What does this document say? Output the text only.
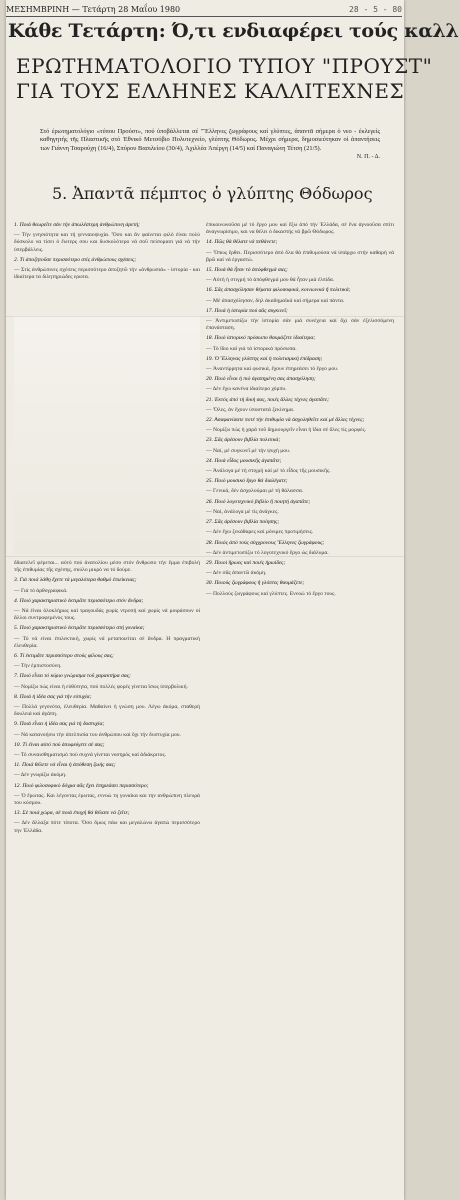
ΜΕΣΗΜΒΡΙΝΗ — Τετάρτη 28 Μαΐου 1980	28 - 5 - 80
Κάθε Τετάρτη: Ό,τι ενδιαφέρει τούς καλλ
ΕΡΩΤΗΜΑΤΟΛΟΓΙΟ ΤΥΠΟΥ "ΠΡΟΥΣΤ"
ΓΙΑ ΤΟΥΣ ΕΛΛΗΝΕΣ ΚΑΛΛΙΤΕΧΝΕΣ
Στό ἐρωτηματολόγιο «τύπου Προύστ», πού ὑποβάλλεται σέ "Ἕλληνες ζωγράφους καί γλύπτες, ἀπαντᾶ σήμερα ὁ νεο - ἐκλεγείς καθηγητής τῆς Πλαστικῆς στό Ἐθνικό Μετσόβιο Πολυτεχνείο, γλύπτης Θόδωρος. Μέχρι σήμερα, δημοσιεύτηκαν οἱ ἀπαντήσεις των Γιάννη Τσαρούχη (16/4), Σπύρου Βασιλείου (30/4), Ἀχιλλέα Ἀπέργη (14/5) καί Παναγιώτη Τέτση (21/5).
Ν. Π. - Δ.
5. Ἀπαντᾶ πέμπτος ὁ γλύπτης Θόδωρος

1. Ποιά θεωρεῖτε σάν τήν ἀπωλέστερη ἀνθρώπινη ἀρετή;

— Τήν γνησιότητα και τή γενναιοψυχία. Ὅσο και ἄν φαίνεται φιλό ἐίναι πολύ δύσκολο να τίσει ὁ ἔωτερς σου και δυσκολότερο νά σοῦ πείσομασι γιά νά τήν ὑπερβάλλεις.

2. Τί ἀποζητοῦσε περισσότερο στίς ἀνθρώπους σχέσεις;

— Στίς ἀνθρώπινες σχέσεις περισσότερο ἀποζητῶ τήν «ἀνθρωπιά» - ἰστορία - και ἰδιαίτερα τα διλητηριώδες ερωτα.

δδιατελεῖ φέρεται... αὐτό πού ἀνατολίου μέσο στόν ἄνθρωπο τήν ἔμμα ἐπιβολή τῆς ἐπιθυμίας τῆς σχέσης, σκύλο μικρό να τό δούμε.

3. Γιά ποιά λάθη ἔχετε τά μεγαλύτερα θαθμό ἐπιείκειας;

— Γιά τό ἀρθογραφικά.

4. Ποιό χαρακτηριστικό ἐκτιμᾶτε περισσότερο στόν ἄνδρα;

— Νά ἐίναι ὁλοκλήρως καί τραγουδάς χωρίς ντροπή καί χωρίς νά μοιράσουν οἱ ἄλλοι συντροφεμένος τους.

5. Ποιό χαρακτηριστικό ἐκτιμᾶτε περισσότερο στή γυναίκα;

— Τό νά είναι ἐπιλεκτική, χωρίς νά μεταποιείται σέ ἄνδρα. Η πραγματική ἐλευθερία.

6. Τί ἐκτιμᾶτε περισσότερο στούς φίλους σας;

— Τήν ἐμπιστοσύνη.

7. Ποιό εἶναι τό κύριο γνώρισμα τοῦ χαρακτήρα σας;

— Νομίζω πώς είναι ἡ εὐθύτητα, πού πολλές φορές γίνεται ἴσως ὑπερβολική.

8. Ποιά ἡ ἰδέα σας γιά τήν εὐτυχία;

— Πολλά γεγονότα, ἐλευθερία. Μαθαίνει ἡ γνώση μου. Λέγω ἀκόμα, σταθερή δουλειά καί ἀγάπη.

9. Ποιά εἶναι ἡ ἰδέα σας γιά τή δυστυχία;

— Νά κατανοήσω τήν ἀπελπισία του ἀνθρώπου καί ὅχι τήν δυστυχία μου.

10. Τί ἐίναι αὐτό πού ἀποφεύγετε σέ σας;

— Τό συναισθηματισμό πού συχνά γίνεται νοσηρός καί ἀδιάκριτος.

11. Ποιά θέλετε νά εἶναι ἡ ἀπόθεση ζωής σας;

— Δέν γνωρίζω ἀκόμη.

12. Ποιό φιλοσοφικό δόγμα σᾶς ἔχει ἐπηρεάσει περισσότερο;

— Ὁ ἔρωτας. Και λέγοντας έρωτας, εννοώ τη γυναίκα και την ανθρώπινη πλευρά του κόσμου.

13. Σέ ποιά χώρα, σέ ποιά ἐποχή θά θέλατε νά ζεῖτε;

— Δέν ἄλλαξα πότε τίποτα. Ὅσο ὅμως πάω και μεγαλώνω ἀγαπώ περισσότερο την Ἑλλάδα.

ἐπικοινωνοῦσα μέ τό ἔργο μου καί ἔξω ἀπό τήν Ἑλλάδα, σέ ἕνα ἀγνοοῦσα σπίτι ἀναγνωρίσιμο, και να θέλει ὁ δικαστής νά βρῶ Θόδωρος.

14. Πῶς θά θέλατε νά πεθάνετε;

— Ὅπως ἔρθει. Περισσότερο ἀπό ὅλα θά ἐπιθυμούσα νά ὑπάρχω στήν καθαρή νά βρῶ καί νά ἐργαστώ.

15. Ποιά θά ἦταν τό ἀπόφθεγμά σας;

— Αὐτή ἡ στιγμή τό ἀπόφθεγμά μου θά ἦταν μιά ἐλπίδα.

16. Σᾶς ἀπασχόλησαν θέματα φιλοσοφικά, κοινωνικά ἤ πολιτικά;

— Μέ ἀπασχόλησαν, δηλ ἀκαδημαϊκά καί σήμερα καί πάντα.

17. Ποιά ἡ ἰστορία πού σᾶς συγκινεῖ;

— Ἀντιμετωπίζω τήν ἰστορία σάν μιά συνέχεια καί ὄχι σάν ἐξελισσόμενη ἐπανάσταση.

18. Ποιό ἰστορικό πρόσωπο θαυμάζετε ἰδιαίτερα;

— Τό ἴδιο καί γιά τά ἰστορικά πρόσωπα.

19. Ὁ Ἕλληνας γλύπτης καί ἡ πολιτισμική ἐπίδραση;

— Ἀναντίρρητα καί φυσικά, ἔχουν ἐπηρεάσει τό ἔργο μου.

20. Ποιό εἶναι ἡ πιό ἀγαπημένη σας ἀπασχόληση;

— Δέν ἔχω κανένα ἰδιαίτερο χόμπυ.

21. Ἐκτός ἀπό τή δική σας, ποιές ἄλλες τέχνες ἀγαπᾶτε;

— Ὅλες, ἀν ἔχουν ὑποστατά ξεκίνημα.

22. Ἀσαφανίσατε ποτέ τήν ἐπιθυμία νά ἀσχοληθεῖτε καί μέ ἄλλες τέχνες;

— Νομίζω πώς ἡ χαρά τοῦ δημιουργεῖν εἶναι ἡ ἴδια σέ ὅλες τίς μορφές.

23. Σᾶς ἀρέσουν βιβλία πολιτικά;

— Ναί, μέ συγκινεῖ μέ τήν ψυχή μου.

24. Ποιά εἶδος μουσικῆς ἀγαπᾶτε;

— Ἀνάλογα μέ τή στιγμή καί μέ τό εἶδος τῆς μουσικῆς.

25. Ποιό μουσικό ἔργο θά διαλέγατε;

— Γενικά, δέν ἀσχολούμαι μέ τή θάλασσα.

26. Ποιό λογοτεχνικό βιβλίο ἤ ποιητή ἀγαπᾶτε;

— Ναί, ἀνάλογα μέ τίς ἀνάγκες.

27. Σᾶς ἀρέσουν βιβλία ποίησης;

— Δέν ἔχω ξεκάθαρες καί μόνιμες προτιμήσεις.

28. Ποιός ἀπό τούς σύγχρονους Ἕλληνες ζωγράφους;

— Δέν ἀντιμετωπίζω τό λογοτεχνικό ἔργο ὡς διάλυμα.

29. Ποιοί ἥρωες καί ποιές ἡρωίδες;

— Δέν σᾶς ἀπαντῶ ἀκόμη.

30. Ποιούς ζωγράφους ἤ γλύπτες θαυμάζετε;

— Πολλούς ζωγράφους καί γλύπτες. Εννοώ τό ἔργο τους.
